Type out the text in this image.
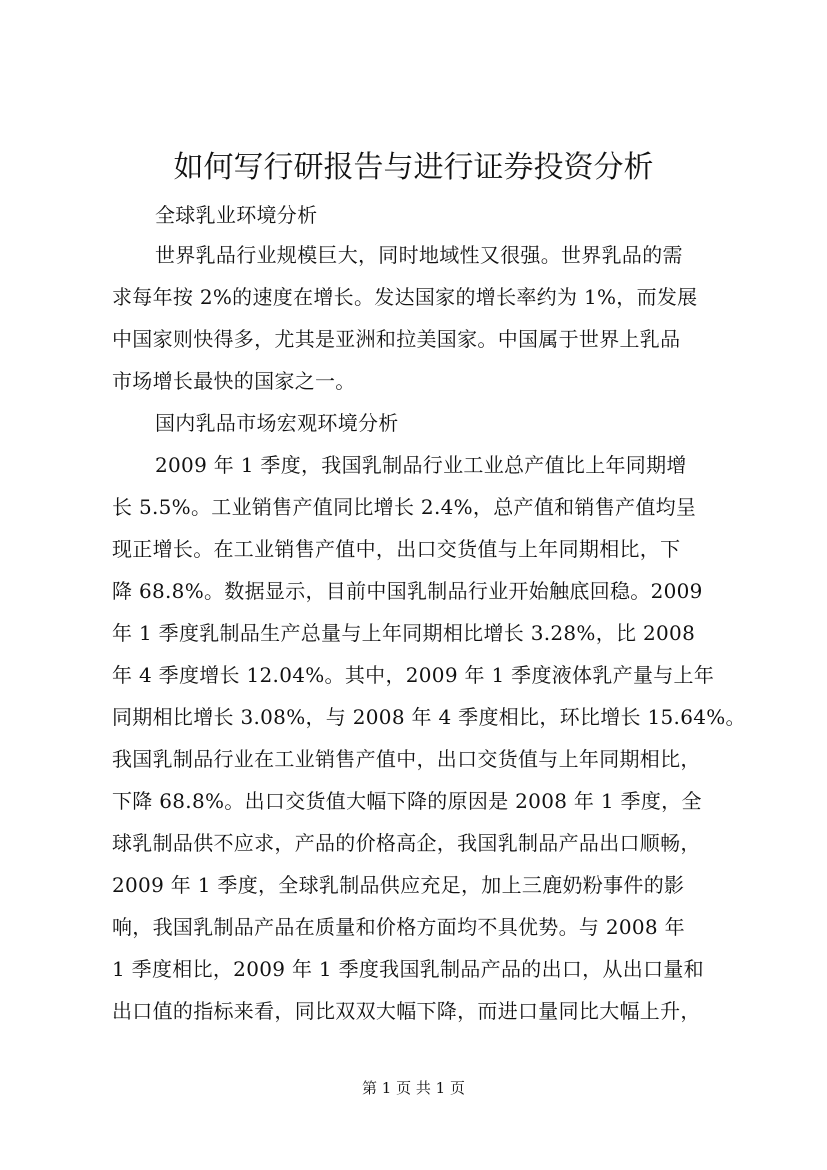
如何写行研报告与进行证券投资分析
全球乳业环境分析
世界乳品行业规模巨大，同时地域性又很强。世界乳品的需
求每年按 2%的速度在增长。发达国家的增长率约为 1%，而发展
中国家则快得多，尤其是亚洲和拉美国家。中国属于世界上乳品
市场增长最快的国家之一。
国内乳品市场宏观环境分析
2009 年 1 季度，我国乳制品行业工业总产值比上年同期增
长 5.5%。工业销售产值同比增长 2.4%，总产值和销售产值均呈
现正增长。在工业销售产值中，出口交货值与上年同期相比，下
降 68.8%。数据显示，目前中国乳制品行业开始触底回稳。2009
年 1 季度乳制品生产总量与上年同期相比增长 3.28%，比 2008
年 4 季度增长 12.04%。其中，2009 年 1 季度液体乳产量与上年
同期相比增长 3.08%，与 2008 年 4 季度相比，环比增长 15.64%。
我国乳制品行业在工业销售产值中，出口交货值与上年同期相比，
下降 68.8%。出口交货值大幅下降的原因是 2008 年 1 季度，全
球乳制品供不应求，产品的价格高企，我国乳制品产品出口顺畅，
2009 年 1 季度，全球乳制品供应充足，加上三鹿奶粉事件的影
响，我国乳制品产品在质量和价格方面均不具优势。与 2008 年
1 季度相比，2009 年 1 季度我国乳制品产品的出口，从出口量和
出口值的指标来看，同比双双大幅下降，而进口量同比大幅上升，
第 1 页 共 1 页
